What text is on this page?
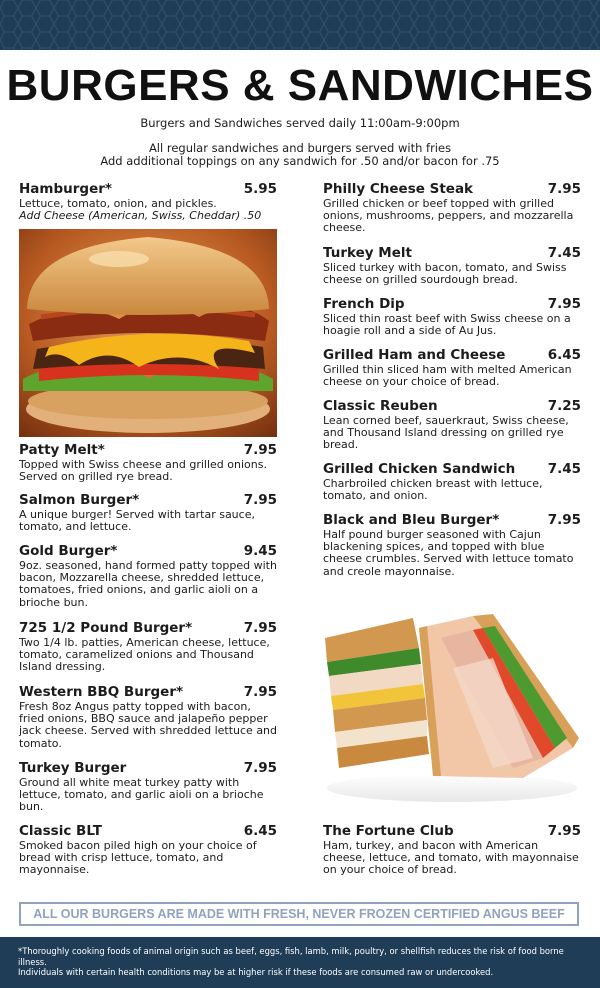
BURGERS & SANDWICHES
Burgers and Sandwiches served daily 11:00am-9:00pm
All regular sandwiches and burgers served with fries
Add additional toppings on any sandwich for .50 and/or bacon for .75
Hamburger*	5.95
Lettuce, tomato, onion, and pickles.
Add Cheese (American, Swiss, Cheddar) .50
Patty Melt*	7.95
Topped with Swiss cheese and grilled onions. Served on grilled rye bread.
Salmon Burger*	7.95
A unique burger! Served with tartar sauce, tomato, and lettuce.
Gold Burger*	9.45
9oz. seasoned, hand formed patty topped with bacon, Mozzarella cheese, shredded lettuce, tomatoes, fried onions, and garlic aioli on a brioche bun.
725 1/2 Pound Burger*	7.95
Two 1/4 lb. patties, American cheese, lettuce, tomato, caramelized onions and Thousand Island dressing.
Western BBQ Burger*	7.95
Fresh 8oz Angus patty topped with bacon, fried onions, BBQ sauce and jalapeño pepper jack cheese. Served with shredded lettuce and tomato.
Turkey Burger	7.95
Ground all white meat turkey patty with lettuce, tomato, and garlic aioli on a brioche bun.
Classic BLT	6.45
Smoked bacon piled high on your choice of bread with crisp lettuce, tomato, and mayonnaise.
Philly Cheese Steak	7.95
Grilled chicken or beef topped with grilled onions, mushrooms, peppers, and mozzarella cheese.
Turkey Melt	7.45
Sliced turkey with bacon, tomato, and Swiss cheese on grilled sourdough bread.
French Dip	7.95
Sliced thin roast beef with Swiss cheese on a hoagie roll and a side of Au Jus.
Grilled Ham and Cheese	6.45
Grilled thin sliced ham with melted American cheese on your choice of bread.
Classic Reuben	7.25
Lean corned beef, sauerkraut, Swiss cheese, and Thousand Island dressing on grilled rye bread.
Grilled Chicken Sandwich 7.45
Charbroiled chicken breast with lettuce, tomato, and onion.
Black and Bleu Burger*	7.95
Half pound burger seasoned with Cajun blackening spices, and topped with blue cheese crumbles. Served with lettuce tomato and creole mayonnaise.
The Fortune Club	7.95
Ham, turkey, and bacon with American cheese, lettuce, and tomato, with mayonnaise on your choice of bread.
ALL OUR BURGERS ARE MADE WITH FRESH, NEVER FROZEN CERTIFIED ANGUS BEEF

*Thoroughly cooking foods of animal origin such as beef, eggs, fish, lamb, milk, poultry, or shellfish reduces the risk of food borne illness.
Individuals with certain health conditions may be at higher risk if these foods are consumed raw or undercooked.
